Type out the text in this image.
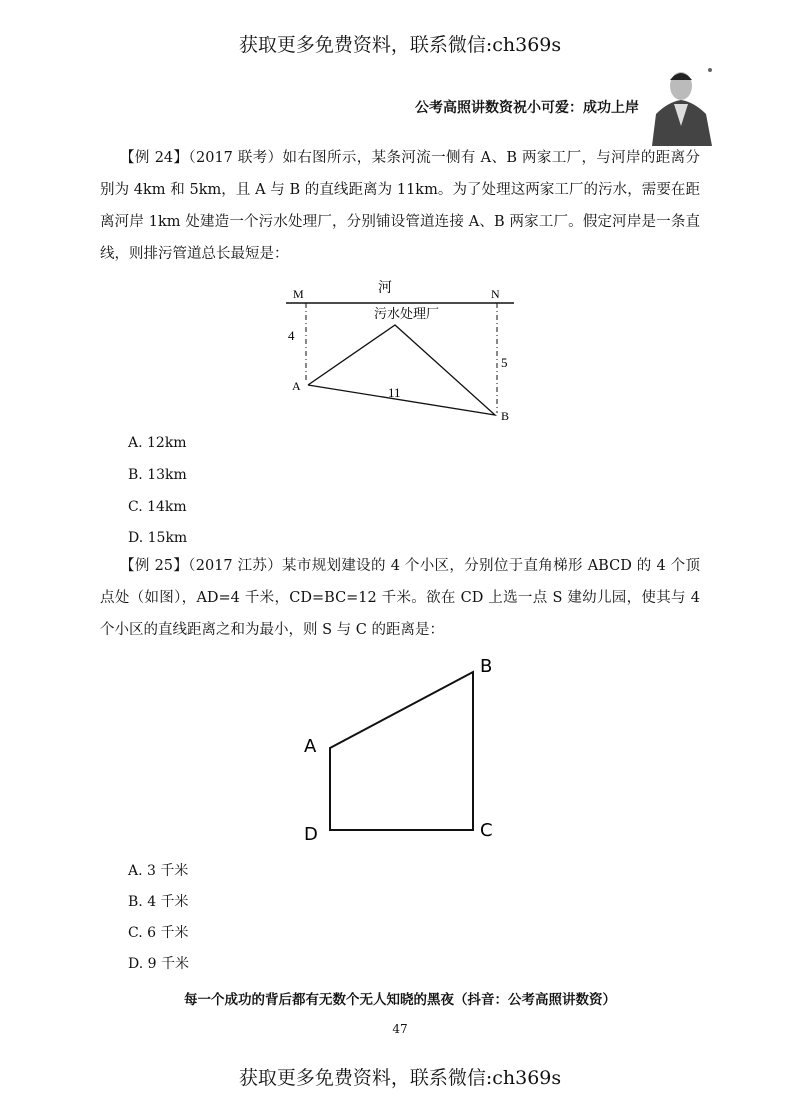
获取更多免费资料，联系微信:ch369s
公考高照讲数资祝小可爱：成功上岸
【例 24】（2017 联考）如右图所示，某条河流一侧有 A、B 两家工厂，与河岸的距离分别为 4km 和 5km，且 A 与 B 的直线距离为 11km。为了处理这两家工厂的污水，需要在距离河岸 1km 处建造一个污水处理厂，分别铺设管道连接 A、B 两家工厂。假定河岸是一条直线，则排污管道总长最短是：
M	N
河
污水处理厂
4
5
11
A
B
A. 12km
B. 13km
C. 14km
D. 15km
【例 25】（2017 江苏）某市规划建设的 4 个小区，分别位于直角梯形 ABCD 的 4 个顶点处（如图），AD=4 千米，CD=BC=12 千米。欲在 CD 上选一点 S 建幼儿园，使其与 4 个小区的直线距离之和为最小，则 S 与 C 的距离是：
A
B
C
D
A. 3 千米
B. 4 千米
C. 6 千米
D. 9 千米
每一个成功的背后都有无数个无人知晓的黑夜（抖音：公考高照讲数资）
47
获取更多免费资料，联系微信:ch369s
